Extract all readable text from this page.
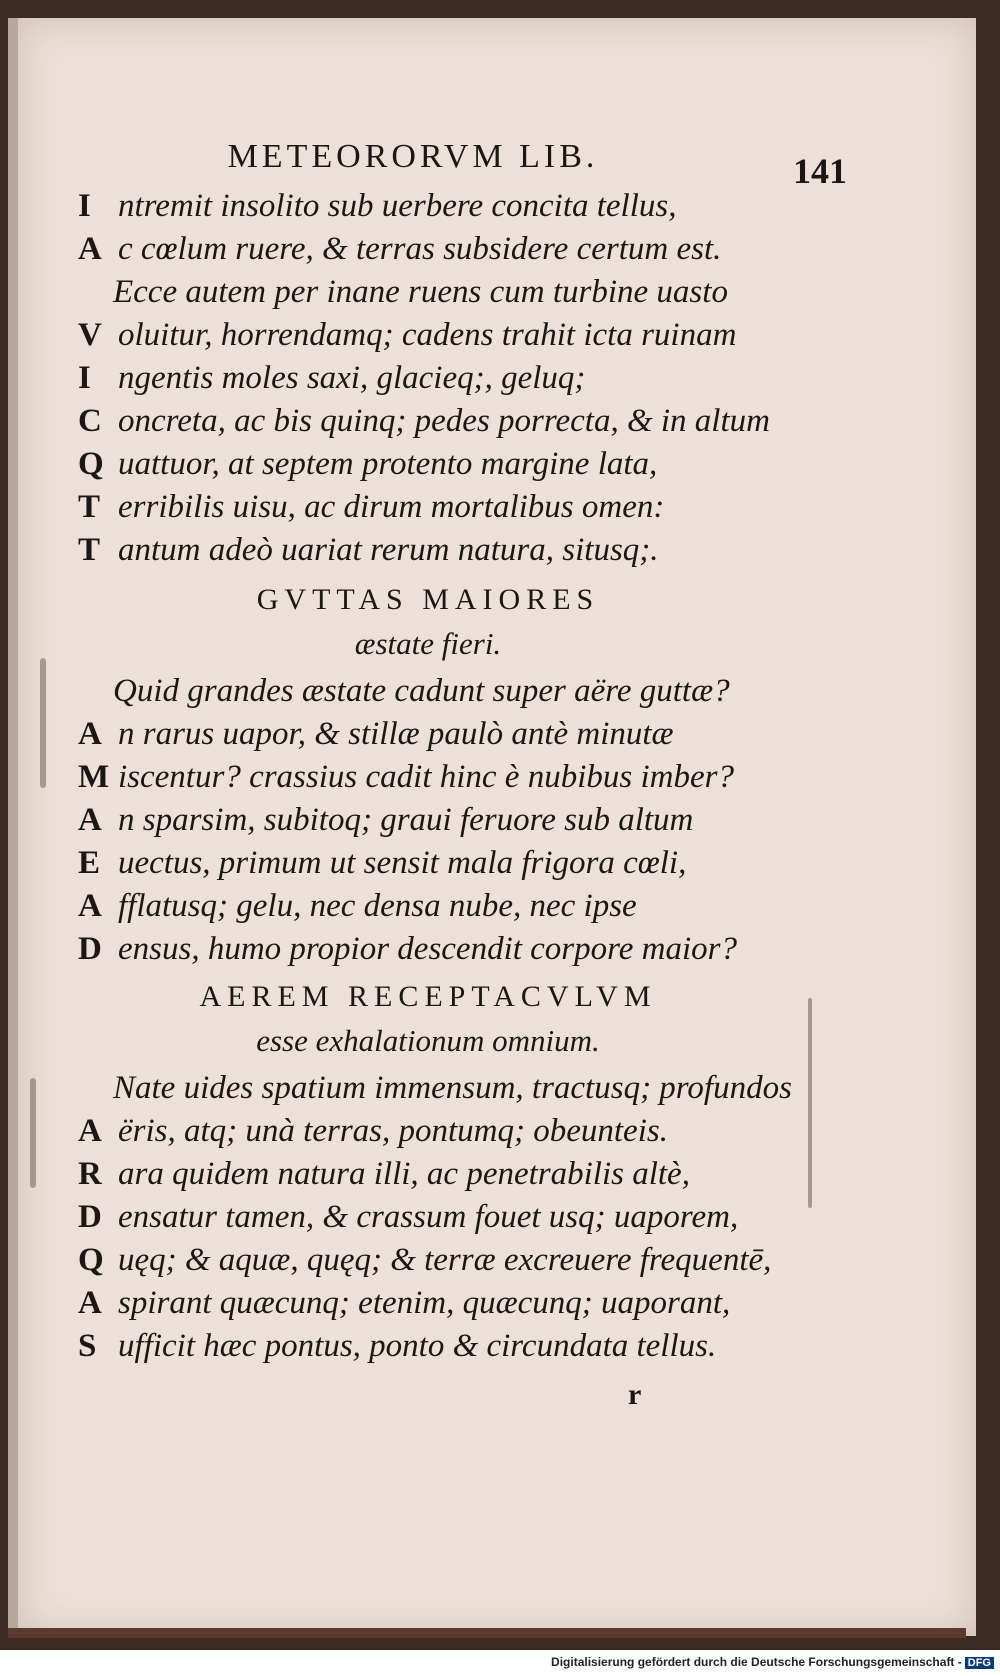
METEORORVM LIB.	141
I ntremit insolito sub uerbere concita tellus,
A c cœlum ruere, & terras subsidere certum est.
Ecce autem per inane ruens cum turbine uasto
V oluitur, horrendamq; cadens trahit icta ruinam
I ngentis moles saxi, glacieq;, geluq;
C oncreta, ac bis quinq; pedes porrecta, & in altum
Q uattuor, at septem protento margine lata,
T erribilis uisu, ac dirum mortalibus omen:
T antum adeò uariat rerum natura, situsq;.
GVTTAS MAIORES
æstate fieri.
Quid grandes æstate cadunt super aëre guttæ?
A n rarus uapor, & stillæ paulò antè minutæ
M iscentur? crassius cadit hinc è nubibus imber?
A n sparsim, subitoq; graui feruore sub altum
E uectus, primum ut sensit mala frigora cœli,
A fflatusq; gelu, nec densa nube, nec ipse
D ensus, humo propior descendit corpore maior?
AEREM RECEPTACVLVM
esse exhalationum omnium.
Nate uides spatium immensum, tractusq; profundos
A ëris, atq; unà terras, pontumq; obeunteis.
R ara quidem natura illi, ac penetrabilis altè,
D ensatur tamen, & crassum fouet usq; uaporem,
Q uęq; & aquæ, quęq; & terræ excreuere frequentē,
A spirant quæcunq; etenim, quæcunq; uaporant,
S ufficit hæc pontus, ponto & circundata tellus.
r
Digitalisierung gefördert durch die Deutsche Forschungsgemeinschaft - DFG
